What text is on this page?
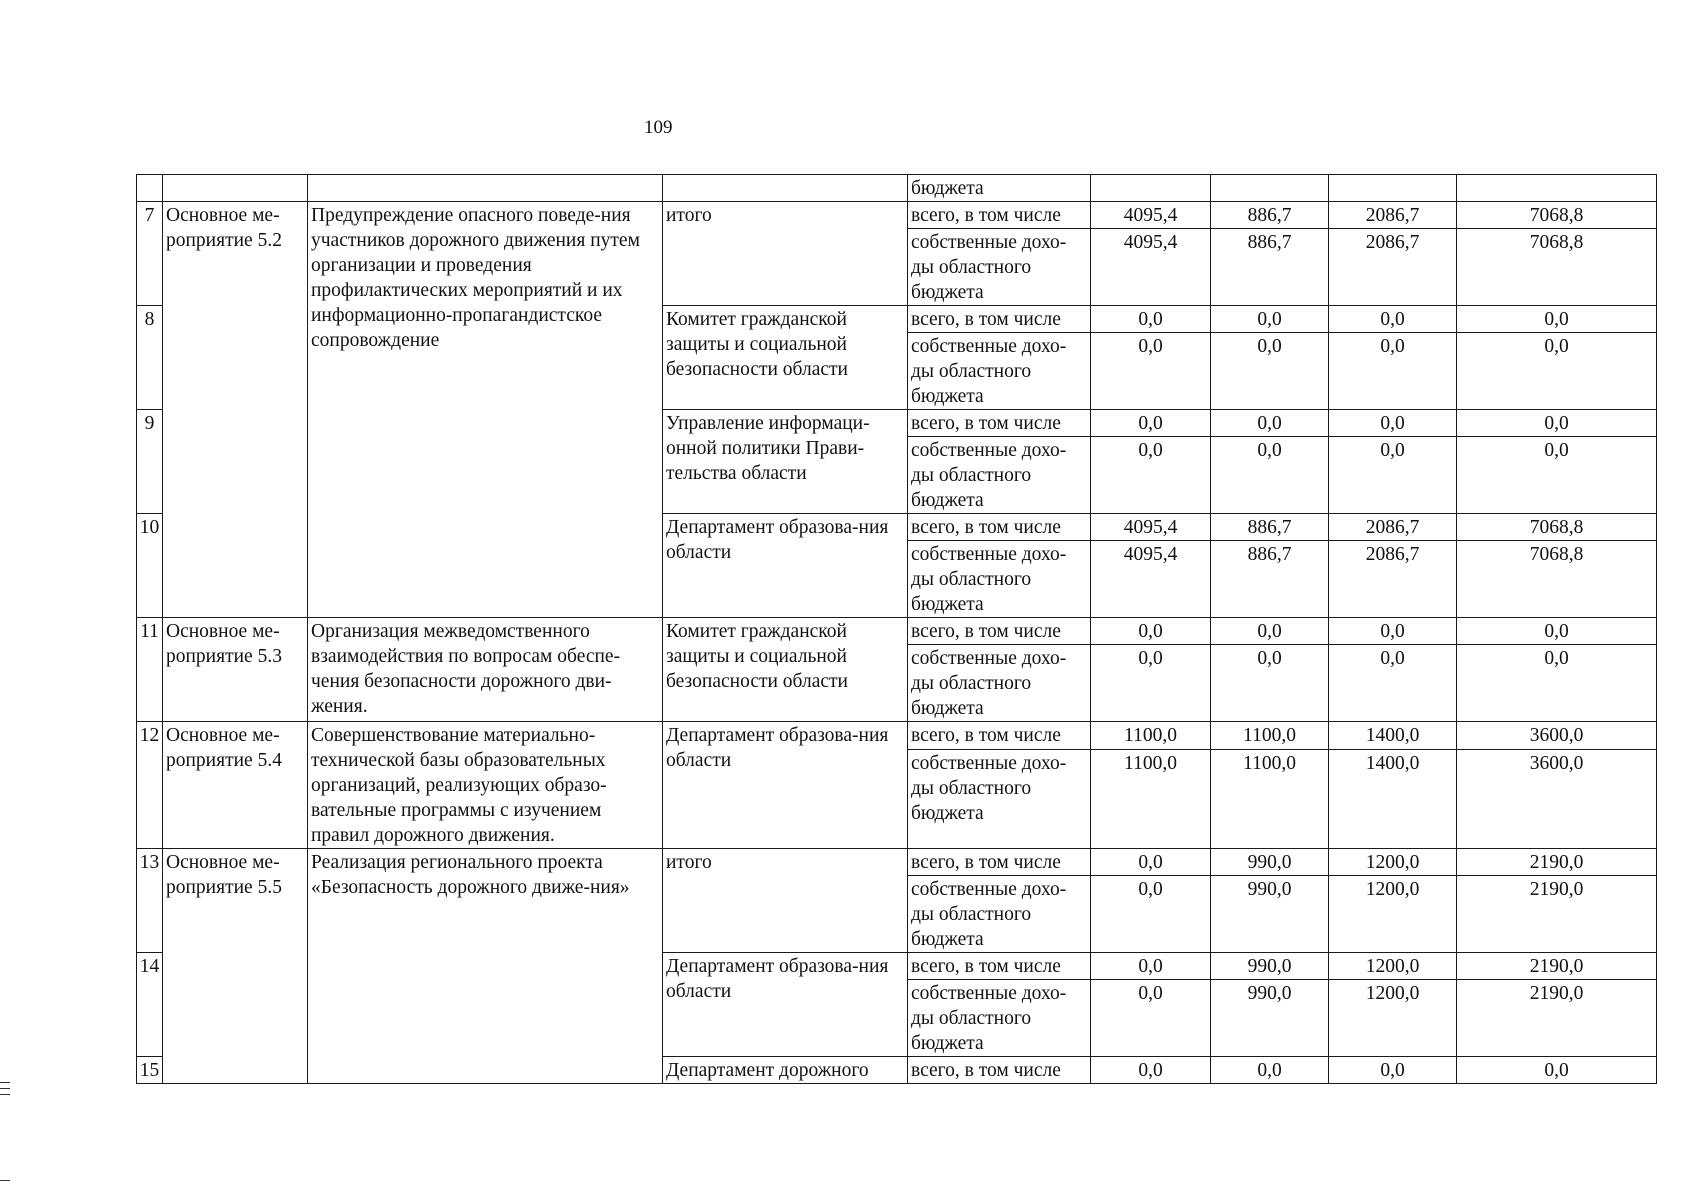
109
				бюджета				
7	Основное ме-роприятие 5.2	Предупреждение опасного поведе-ния участников дорожного движения путем организации и проведения профилактических мероприятий и их информационно-пропагандистское сопровождение	итого	всего, в том числе	4095,4	886,7	2086,7	7068,8
				собственные дохо-ды областного бюджета	4095,4	886,7	2086,7	7068,8
8			Комитет гражданской защиты и социальной безопасности области	всего, в том числе	0,0	0,0	0,0	0,0
				собственные дохо-ды областного бюджета	0,0	0,0	0,0	0,0
9			Управление информаци-онной политики Прави-тельства области	всего, в том числе	0,0	0,0	0,0	0,0
				собственные дохо-ды областного бюджета	0,0	0,0	0,0	0,0
10			Департамент образова-ния области	всего, в том числе	4095,4	886,7	2086,7	7068,8
				собственные дохо-ды областного бюджета	4095,4	886,7	2086,7	7068,8
11	Основное ме-роприятие 5.3	Организация межведомственного взаимодействия по вопросам обеспе-чения безопасности дорожного дви-жения.	Комитет гражданской защиты и социальной безопасности области	всего, в том числе	0,0	0,0	0,0	0,0
				собственные дохо-ды областного бюджета	0,0	0,0	0,0	0,0
12	Основное ме-роприятие 5.4	Совершенствование материально-технической базы образовательных организаций, реализующих образо-вательные программы с изучением правил дорожного движения.	Департамент образова-ния области	всего, в том числе	1100,0	1100,0	1400,0	3600,0
				собственные дохо-ды областного бюджета	1100,0	1100,0	1400,0	3600,0
13	Основное ме-роприятие 5.5	Реализация регионального проекта «Безопасность дорожного движе-ния»	итого	всего, в том числе	0,0	990,0	1200,0	2190,0
				собственные дохо-ды областного бюджета	0,0	990,0	1200,0	2190,0
14			Департамент образова-ния области	всего, в том числе	0,0	990,0	1200,0	2190,0
				собственные дохо-ды областного бюджета	0,0	990,0	1200,0	2190,0
15			Департамент дорожного	всего, в том числе	0,0	0,0	0,0	0,0
